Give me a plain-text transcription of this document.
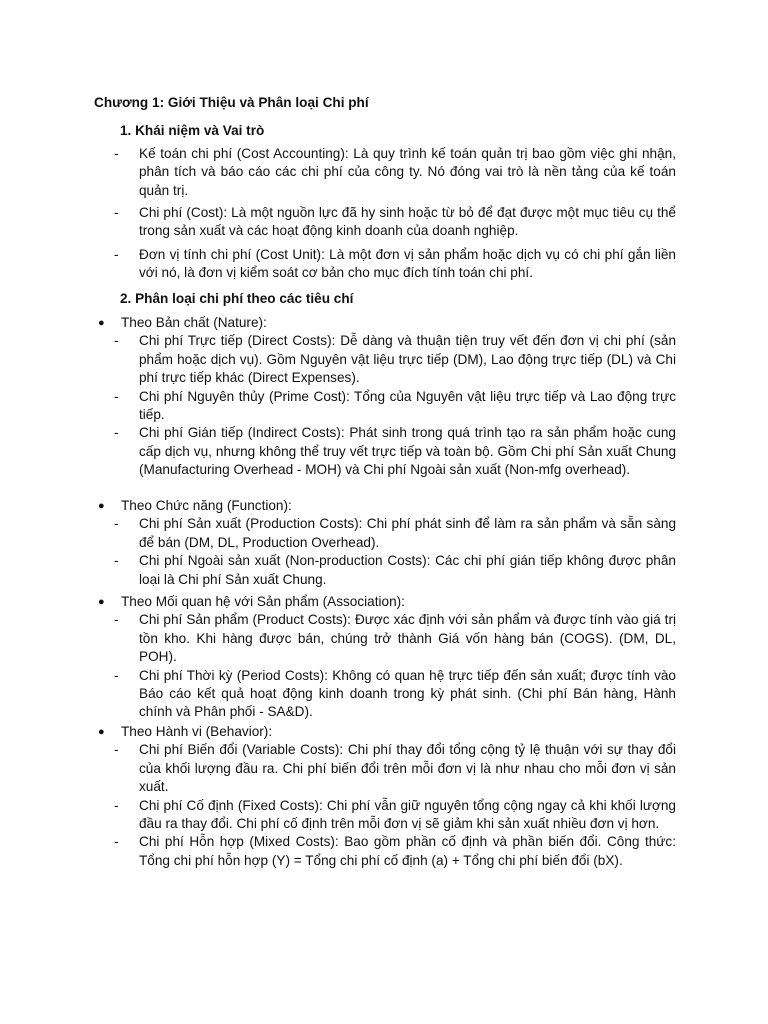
Chương 1: Giới Thiệu và Phân loại Chi phí
1. Khái niệm và Vai trò
- Kế toán chi phí (Cost Accounting): Là quy trình kế toán quản trị bao gồm việc ghi nhận, phân tích và báo cáo các chi phí của công ty. Nó đóng vai trò là nền tảng của kế toán quản trị.
- Chi phí (Cost): Là một nguồn lực đã hy sinh hoặc từ bỏ để đạt được một mục tiêu cụ thể trong sản xuất và các hoạt động kinh doanh của doanh nghiệp.
- Đơn vị tính chi phí (Cost Unit): Là một đơn vị sản phẩm hoặc dịch vụ có chi phí gắn liền với nó, là đơn vị kiểm soát cơ bản cho mục đích tính toán chi phí.
2. Phân loại chi phí theo các tiêu chí
● Theo Bản chất (Nature):
- Chi phí Trực tiếp (Direct Costs): Dễ dàng và thuận tiện truy vết đến đơn vị chi phí (sản phẩm hoặc dịch vụ). Gồm Nguyên vật liệu trực tiếp (DM), Lao động trực tiếp (DL) và Chi phí trực tiếp khác (Direct Expenses).
- Chi phí Nguyên thủy (Prime Cost): Tổng của Nguyên vật liệu trực tiếp và Lao động trực tiếp.
- Chi phí Gián tiếp (Indirect Costs): Phát sinh trong quá trình tạo ra sản phẩm hoặc cung cấp dịch vụ, nhưng không thể truy vết trực tiếp và toàn bộ. Gồm Chi phí Sản xuất Chung (Manufacturing Overhead - MOH) và Chi phí Ngoài sản xuất (Non-mfg overhead).
● Theo Chức năng (Function):
- Chi phí Sản xuất (Production Costs): Chi phí phát sinh để làm ra sản phẩm và sẵn sàng để bán (DM, DL, Production Overhead).
- Chi phí Ngoài sản xuất (Non-production Costs): Các chi phí gián tiếp không được phân loại là Chi phí Sản xuất Chung.
● Theo Mối quan hệ với Sản phẩm (Association):
- Chi phí Sản phẩm (Product Costs): Được xác định với sản phẩm và được tính vào giá trị tồn kho. Khi hàng được bán, chúng trở thành Giá vốn hàng bán (COGS). (DM, DL, POH).
- Chi phí Thời kỳ (Period Costs): Không có quan hệ trực tiếp đến sản xuất; được tính vào Báo cáo kết quả hoạt động kinh doanh trong kỳ phát sinh. (Chi phí Bán hàng, Hành chính và Phân phối - SA&D).
● Theo Hành vi (Behavior):
- Chi phí Biến đổi (Variable Costs): Chi phí thay đổi tổng cộng tỷ lệ thuận với sự thay đổi của khối lượng đầu ra. Chi phí biến đổi trên mỗi đơn vị là như nhau cho mỗi đơn vị sản xuất.
- Chi phí Cố định (Fixed Costs): Chi phí vẫn giữ nguyên tổng cộng ngay cả khi khối lượng đầu ra thay đổi. Chi phí cố định trên mỗi đơn vị sẽ giảm khi sản xuất nhiều đơn vị hơn.
- Chi phí Hỗn hợp (Mixed Costs): Bao gồm phần cố định và phần biến đổi. Công thức: Tổng chi phí hỗn hợp (Y) = Tổng chi phí cố định (a) + Tổng chi phí biến đổi (bX).
